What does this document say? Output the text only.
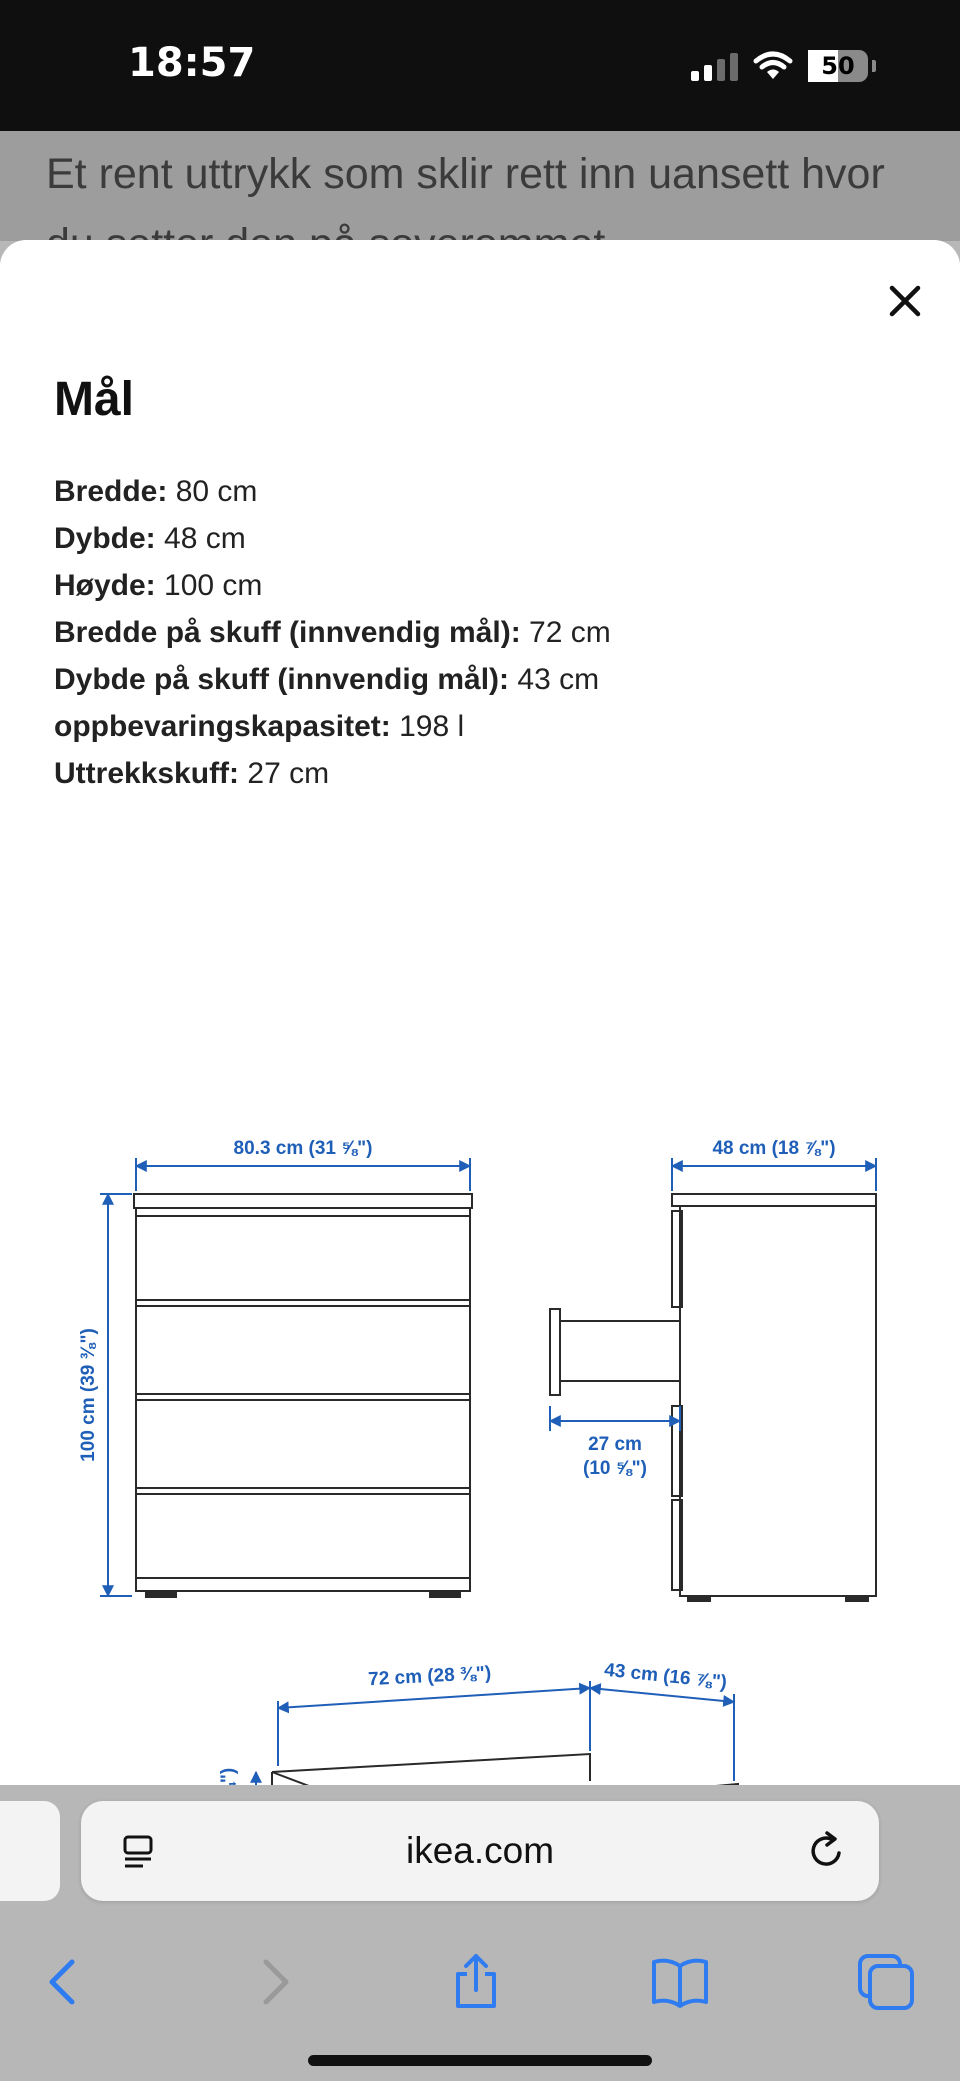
18:57	50
Et rent uttrykk som sklir rett inn uansett hvor
Mål
Bredde: 80 cm
Dybde: 48 cm
Høyde: 100 cm
Bredde på skuff (innvendig mål): 72 cm
Dybde på skuff (innvendig mål): 43 cm
oppbevaringskapasitet: 198 l
Uttrekkskuff: 27 cm
80.3 cm (31 ⅝")
100 cm (39 ⅜")
48 cm (18 ⅞")
27 cm
(10 ⅝")
72 cm (28 ⅜")	43 cm (16 ⅞")
ikea.com
